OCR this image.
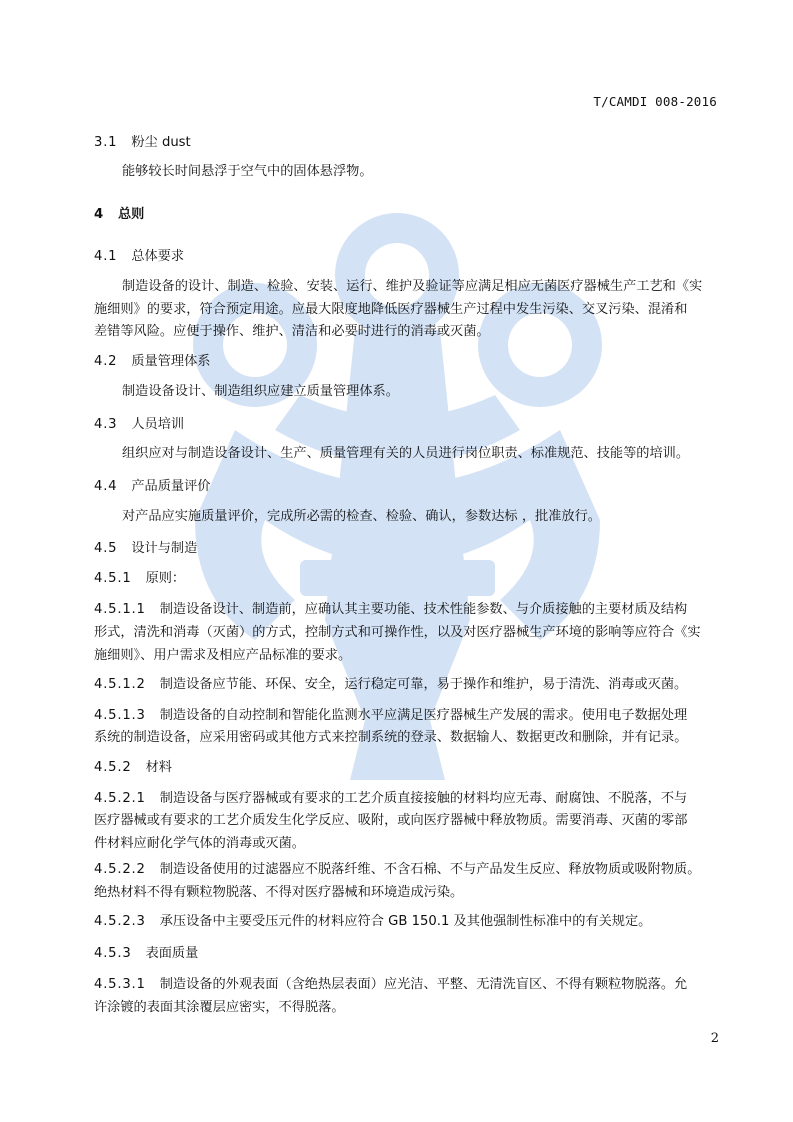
T/CAMDI 008-2016
3.1 粉尘 dust
能够较长时间悬浮于空气中的固体悬浮物。
4 总则
4.1 总体要求
制造设备的设计、制造、检验、安装、运行、维护及验证等应满足相应无菌医疗器械生产工艺和《实
施细则》的要求，符合预定用途。应最大限度地降低医疗器械生产过程中发生污染、交叉污染、混淆和
差错等风险。应便于操作、维护、清洁和必要时进行的消毒或灭菌。
4.2 质量管理体系
制造设备设计、制造组织应建立质量管理体系。
4.3 人员培训
组织应对与制造设备设计、生产、质量管理有关的人员进行岗位职责、标准规范、技能等的培训。
4.4 产品质量评价
对产品应实施质量评价，完成所必需的检查、检验、确认，参数达标 ，批准放行。
4.5 设计与制造
4.5.1 原则：
4.5.1.1 制造设备设计、制造前，应确认其主要功能、技术性能参数、与介质接触的主要材质及结构
形式，清洗和消毒（灭菌）的方式，控制方式和可操作性，以及对医疗器械生产环境的影响等应符合《实
施细则》、用户需求及相应产品标准的要求。
4.5.1.2 制造设备应节能、环保、安全，运行稳定可靠，易于操作和维护，易于清洗、消毒或灭菌。
4.5.1.3 制造设备的自动控制和智能化监测水平应满足医疗器械生产发展的需求。使用电子数据处理
系统的制造设备，应采用密码或其他方式来控制系统的登录、数据输人、数据更改和删除，并有记录。
4.5.2 材料
4.5.2.1 制造设备与医疗器械或有要求的工艺介质直接接触的材料均应无毒、耐腐蚀、不脱落，不与
医疗器械或有要求的工艺介质发生化学反应、吸附，或向医疗器械中释放物质。需要消毒、灭菌的零部
件材料应耐化学气体的消毒或灭菌。
4.5.2.2 制造设备使用的过滤器应不脱落纤维、不含石棉、不与产品发生反应、释放物质或吸附物质。
绝热材料不得有颗粒物脱落、不得对医疗器械和环境造成污染。
4.5.2.3 承压设备中主要受压元件的材料应符合 GB 150.1 及其他强制性标准中的有关规定。
4.5.3 表面质量
4.5.3.1 制造设备的外观表面（含绝热层表面）应光洁、平整、无清洗盲区、不得有颗粒物脱落。允
许涂镀的表面其涂覆层应密实，不得脱落。
2
